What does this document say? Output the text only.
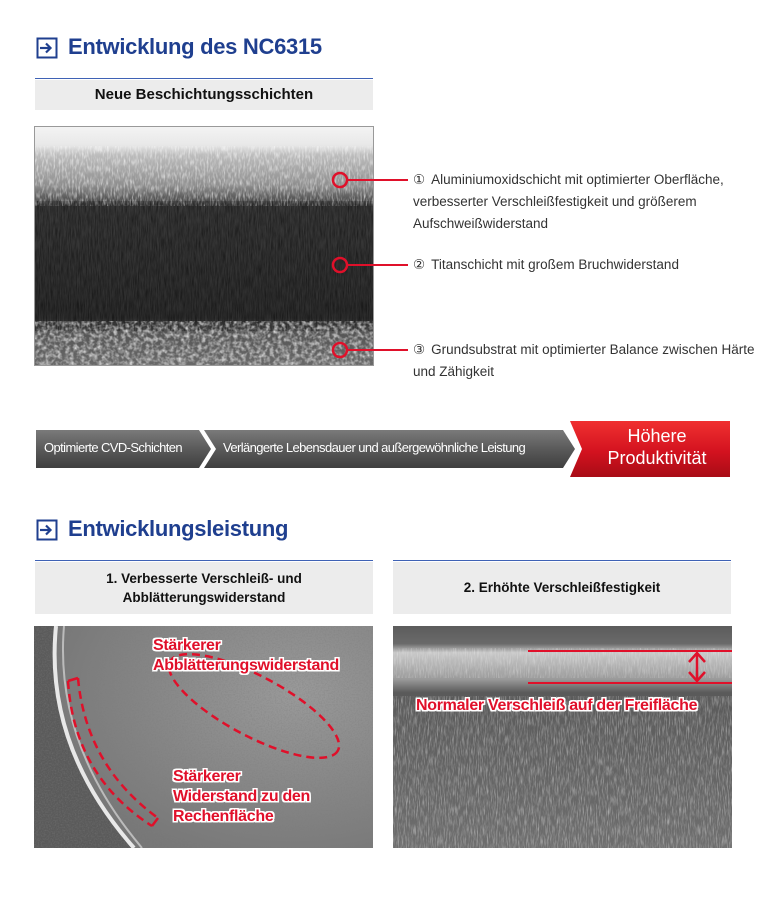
Entwicklung des NC6315
Neue Beschichtungsschichten
① Aluminiumoxidschicht mit optimierter Oberfläche, verbesserter Verschleißfestigkeit und größerem Aufschweißwiderstand
② Titanschicht mit großem Bruchwiderstand
③ Grundsubstrat mit optimierter Balance zwischen Härte und Zähigkeit
Optimierte CVD-Schichten	Verlängerte Lebensdauer und außergewöhnliche Leistung
Höhere
Produktivität
Entwicklungsleistung
1. Verbesserte Verschleiß- und
Abblätterungswiderstand
2. Erhöhte Verschleißfestigkeit
Stärkerer
Abblätterungswiderstand
Stärkerer
Widerstand zu den
Rechenfläche
Normaler Verschleiß auf der Freifläche
